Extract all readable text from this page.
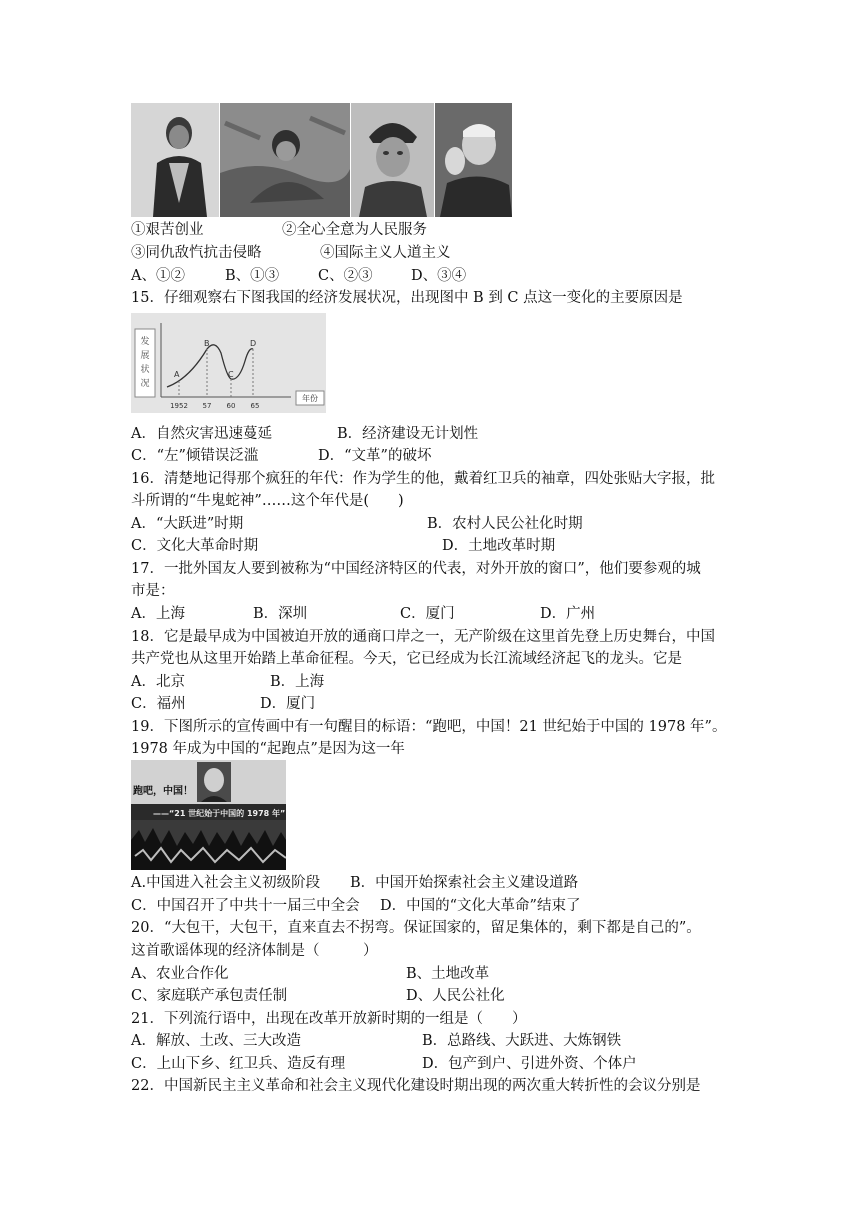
①艰苦创业	②全心全意为人民服务
③同仇敌忾抗击侵略	④国际主义人道主义
A、①②	B、①③	C、②③	D、③④
15．仔细观察右下图我国的经济发展状况，出现图中 B 到 C 点这一变化的主要原因是
发
展
状
况
A
B
C
D
1952 57 60 65
年份
A．自然灾害迅速蔓延	B．经济建设无计划性
C．“左”倾错误泛滥	D．“文革”的破坏
16．清楚地记得那个疯狂的年代：作为学生的他，戴着红卫兵的袖章，四处张贴大字报，批
斗所谓的“牛鬼蛇神”……这个年代是(　　)
A．“大跃进”时期	B．农村人民公社化时期
C．文化大革命时期	D．土地改革时期
17．一批外国友人要到被称为“中国经济特区的代表，对外开放的窗口”，他们要参观的城
市是：
A．上海	B．深圳	C．厦门	D．广州
18．它是最早成为中国被迫开放的通商口岸之一，无产阶级在这里首先登上历史舞台，中国
共产党也从这里开始踏上革命征程。今天，它已经成为长江流域经济起飞的龙头。它是
A．北京	B．上海
C．福州	D．厦门
19．下图所示的宣传画中有一句醒目的标语：“跑吧，中国！21 世纪始于中国的 1978 年”。
1978 年成为中国的“起跑点”是因为这一年
跑吧，中国！
——“21 世纪始于中国的 1978 年”
A.中国进入社会主义初级阶段 B．中国开始探索社会主义建设道路
C．中国召开了中共十一届三中全会 D．中国的“文化大革命”结束了
20．“大包干，大包干，直来直去不拐弯。保证国家的，留足集体的，剩下都是自己的”。
这首歌谣体现的经济体制是（　　　）
A、农业合作化	B、土地改革
C、家庭联产承包责任制	D、人民公社化
21．下列流行语中，出现在改革开放新时期的一组是（　　）
A．解放、土改、三大改造	B．总路线、大跃进、大炼钢铁
C．上山下乡、红卫兵、造反有理	D．包产到户、引进外资、个体户
22．中国新民主主义革命和社会主义现代化建设时期出现的两次重大转折性的会议分别是
